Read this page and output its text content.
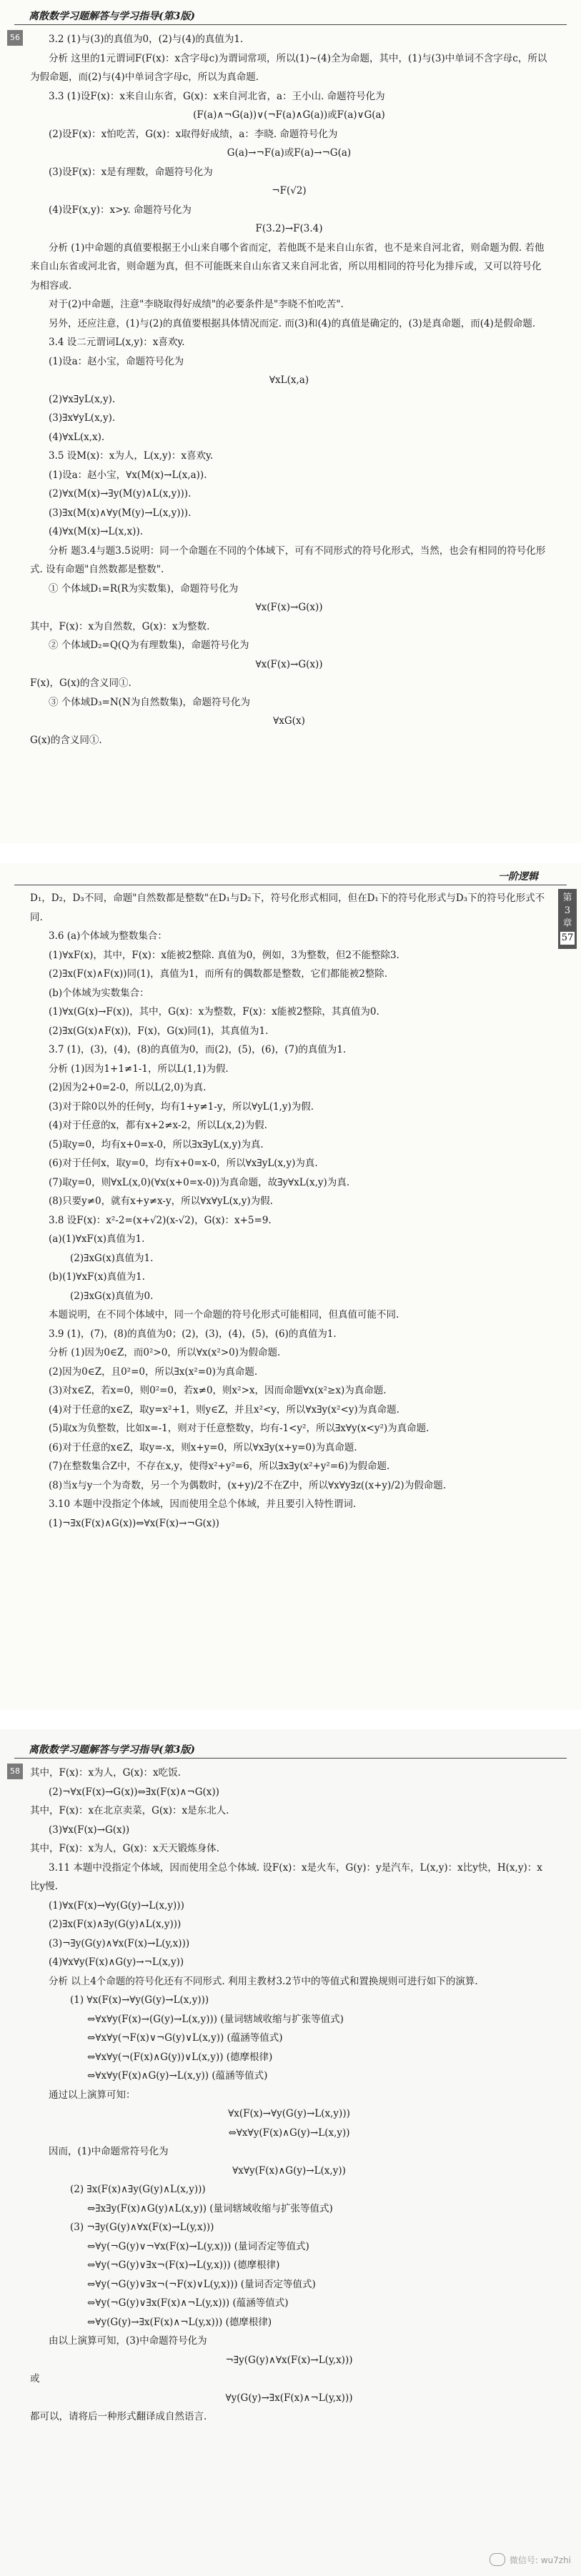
离散数学习题解答与学习指导(第3版)
56	3.2 (1)与(3)的真值为0，(2)与(4)的真值为1.

分析 这里的1元谓词F(F(x)：x含字母c)为谓词常项，所以(1)~(4)全为命题，其中，(1)与(3)中单词不含字母c，所以为假命题，而(2)与(4)中单词含字母c，所以为真命题.

3.3 (1)设F(x)：x来自山东省，G(x)：x来自河北省，a：王小山. 命题符号化为

(F(a)∧¬G(a))∨(¬F(a)∧G(a))或F(a)∨G(a)

(2)设F(x)：x怕吃苦，G(x)：x取得好成绩，a：李晓. 命题符号化为

G(a)→¬F(a)或F(a)→¬G(a)

(3)设F(x)：x是有理数，命题符号化为

¬F(√2)

(4)设F(x,y)：x>y. 命题符号化为

F(3.2)→F(3.4)

分析 (1)中命题的真值要根据王小山来自哪个省而定，若他既不是来自山东省，也不是来自河北省，则命题为假. 若他来自山东省或河北省，则命题为真，但不可能既来自山东省又来自河北省，所以用相同的符号化为排斥或，又可以符号化为相容或.

对于(2)中命题，注意"李晓取得好成绩"的必要条件是"李晓不怕吃苦".

另外，还应注意，(1)与(2)的真值要根据具体情况而定. 而(3)和(4)的真值是确定的，(3)是真命题，而(4)是假命题.

3.4 设二元谓词L(x,y)：x喜欢y.

(1)设a：赵小宝，命题符号化为

∀xL(x,a)

(2)∀x∃yL(x,y).

(3)∃x∀yL(x,y).

(4)∀xL(x,x).

3.5 设M(x)：x为人，L(x,y)：x喜欢y.

(1)设a：赵小宝，∀x(M(x)→L(x,a)).

(2)∀x(M(x)→∃y(M(y)∧L(x,y))).

(3)∃x(M(x)∧∀y(M(y)→L(x,y))).

(4)∀x(M(x)→L(x,x)).

分析 题3.4与题3.5说明：同一个命题在不同的个体域下，可有不同形式的符号化形式，当然，也会有相同的符号化形式. 设有命题"自然数都是整数".

① 个体域D₁=R(R为实数集)，命题符号化为

∀x(F(x)→G(x))

其中，F(x)：x为自然数，G(x)：x为整数.

② 个体域D₂=Q(Q为有理数集)，命题符号化为

∀x(F(x)→G(x))

F(x)，G(x)的含义同①.

③ 个体域D₃=N(N为自然数集)，命题符号化为

∀xG(x)

G(x)的含义同①.

一阶逻辑
第
3
章
57

D₁，D₂，D₃不同，命题"自然数都是整数"在D₁与D₂下，符号化形式相同，但在D₁下的符号化形式与D₃下的符号化形式不同.

3.6 (a)个体域为整数集合：

(1)∀xF(x)，其中，F(x)：x能被2整除. 真值为0，例如，3为整数，但2不能整除3.

(2)∃x(F(x)∧F(x))同(1)，真值为1，而所有的偶数都是整数，它们都能被2整除.

(b)个体域为实数集合：

(1)∀x(G(x)→F(x))，其中，G(x)：x为整数，F(x)：x能被2整除，其真值为0.

(2)∃x(G(x)∧F(x))，F(x)，G(x)同(1)，其真值为1.

3.7 (1)，(3)，(4)，(8)的真值为0，而(2)，(5)，(6)，(7)的真值为1.

分析 (1)因为1+1≠1-1，所以L(1,1)为假.

(2)因为2+0=2-0，所以L(2,0)为真.

(3)对于除0以外的任何y，均有1+y≠1-y，所以∀yL(1,y)为假.

(4)对于任意的x，都有x+2≠x-2，所以L(x,2)为假.

(5)取y=0，均有x+0=x-0，所以∃x∃yL(x,y)为真.

(6)对于任何x，取y=0，均有x+0=x-0，所以∀x∃yL(x,y)为真.

(7)取y=0，则∀xL(x,0)(∀x(x+0=x-0))为真命题，故∃y∀xL(x,y)为真.

(8)只要y≠0，就有x+y≠x-y，所以∀x∀yL(x,y)为假.

3.8 设F(x)：x²-2=(x+√2)(x-√2)，G(x)：x+5=9.

(a)(1)∀xF(x)真值为1.

(2)∃xG(x)真值为1.

(b)(1)∀xF(x)真值为1.

(2)∃xG(x)真值为0.

本题说明，在不同个体域中，同一个命题的符号化形式可能相同，但真值可能不同.

3.9 (1)，(7)，(8)的真值为0；(2)，(3)，(4)，(5)，(6)的真值为1.

分析 (1)因为0∈Z，而0²>0，所以∀x(x²>0)为假命题.

(2)因为0∈Z，且0²=0，所以∃x(x²=0)为真命题.

(3)对x∈Z，若x=0，则0²=0，若x≠0，则x²>x，因而命题∀x(x²≥x)为真命题.

(4)对于任意的x∈Z，取y=x²+1，则y∈Z，并且x²<y，所以∀x∃y(x²<y)为真命题.

(5)取x为负整数，比如x=-1，则对于任意整数y，均有-1<y²，所以∃x∀y(x<y²)为真命题.

(6)对于任意的x∈Z，取y=-x，则x+y=0，所以∀x∃y(x+y=0)为真命题.

(7)在整数集合Z中，不存在x,y，使得x²+y²=6，所以∃x∃y(x²+y²=6)为假命题.

(8)当x与y一个为奇数，另一个为偶数时，(x+y)/2不在Z中，所以∀x∀y∃z((x+y)/2)为假命题.

3.10 本题中没指定个体域，因而使用全总个体域，并且要引入特性谓词.

(1)¬∃x(F(x)∧G(x))⇔∀x(F(x)→¬G(x))

离散数学习题解答与学习指导(第3版)
58 其中，F(x)：x为人，G(x)：x吃饭.

(2)¬∀x(F(x)→G(x))⇔∃x(F(x)∧¬G(x))

其中，F(x)：x在北京卖菜，G(x)：x是东北人.

(3)∀x(F(x)→G(x))

其中，F(x)：x为人，G(x)：x天天锻炼身体.

3.11 本题中没指定个体域，因而使用全总个体域. 设F(x)：x是火车，G(y)：y是汽车，L(x,y)：x比y快，H(x,y)：x比y慢.

(1)∀x(F(x)→∀y(G(y)→L(x,y)))

(2)∃x(F(x)∧∃y(G(y)∧L(x,y)))

(3)¬∃y(G(y)∧∀x(F(x)→L(y,x)))

(4)∀x∀y(F(x)∧G(y)→¬L(x,y))

分析 以上4个命题的符号化还有不同形式. 利用主教材3.2节中的等值式和置换规则可进行如下的演算.

(1) ∀x(F(x)→∀y(G(y)→L(x,y)))

⇔∀x∀y(F(x)→(G(y)→L(x,y))) (量词辖域收缩与扩张等值式)

⇔∀x∀y(¬F(x)∨¬G(y)∨L(x,y)) (蕴涵等值式)

⇔∀x∀y(¬(F(x)∧G(y))∨L(x,y)) (德摩根律)

⇔∀x∀y(F(x)∧G(y)→L(x,y)) (蕴涵等值式)

通过以上演算可知：

∀x(F(x)→∀y(G(y)→L(x,y)))

⇔∀x∀y(F(x)∧G(y)→L(x,y))

因而，(1)中命题常符号化为

∀x∀y(F(x)∧G(y)→L(x,y))

(2) ∃x(F(x)∧∃y(G(y)∧L(x,y)))

⇔∃x∃y(F(x)∧G(y)∧L(x,y)) (量词辖域收缩与扩张等值式)

(3) ¬∃y(G(y)∧∀x(F(x)→L(y,x)))

⇔∀y(¬G(y)∨¬∀x(F(x)→L(y,x))) (量词否定等值式)

⇔∀y(¬G(y)∨∃x¬(F(x)→L(y,x))) (德摩根律)

⇔∀y(¬G(y)∨∃x¬(¬F(x)∨L(y,x))) (量词否定等值式)

⇔∀y(¬G(y)∨∃x(F(x)∧¬L(y,x))) (蕴涵等值式)

⇔∀y(G(y)→∃x(F(x)∧¬L(y,x))) (德摩根律)

由以上演算可知，(3)中命题符号化为

¬∃y(G(y)∧∀x(F(x)→L(y,x)))

或

∀y(G(y)→∃x(F(x)∧¬L(y,x)))

都可以，请将后一种形式翻译成自然语言.

微信号: wu7zhi
